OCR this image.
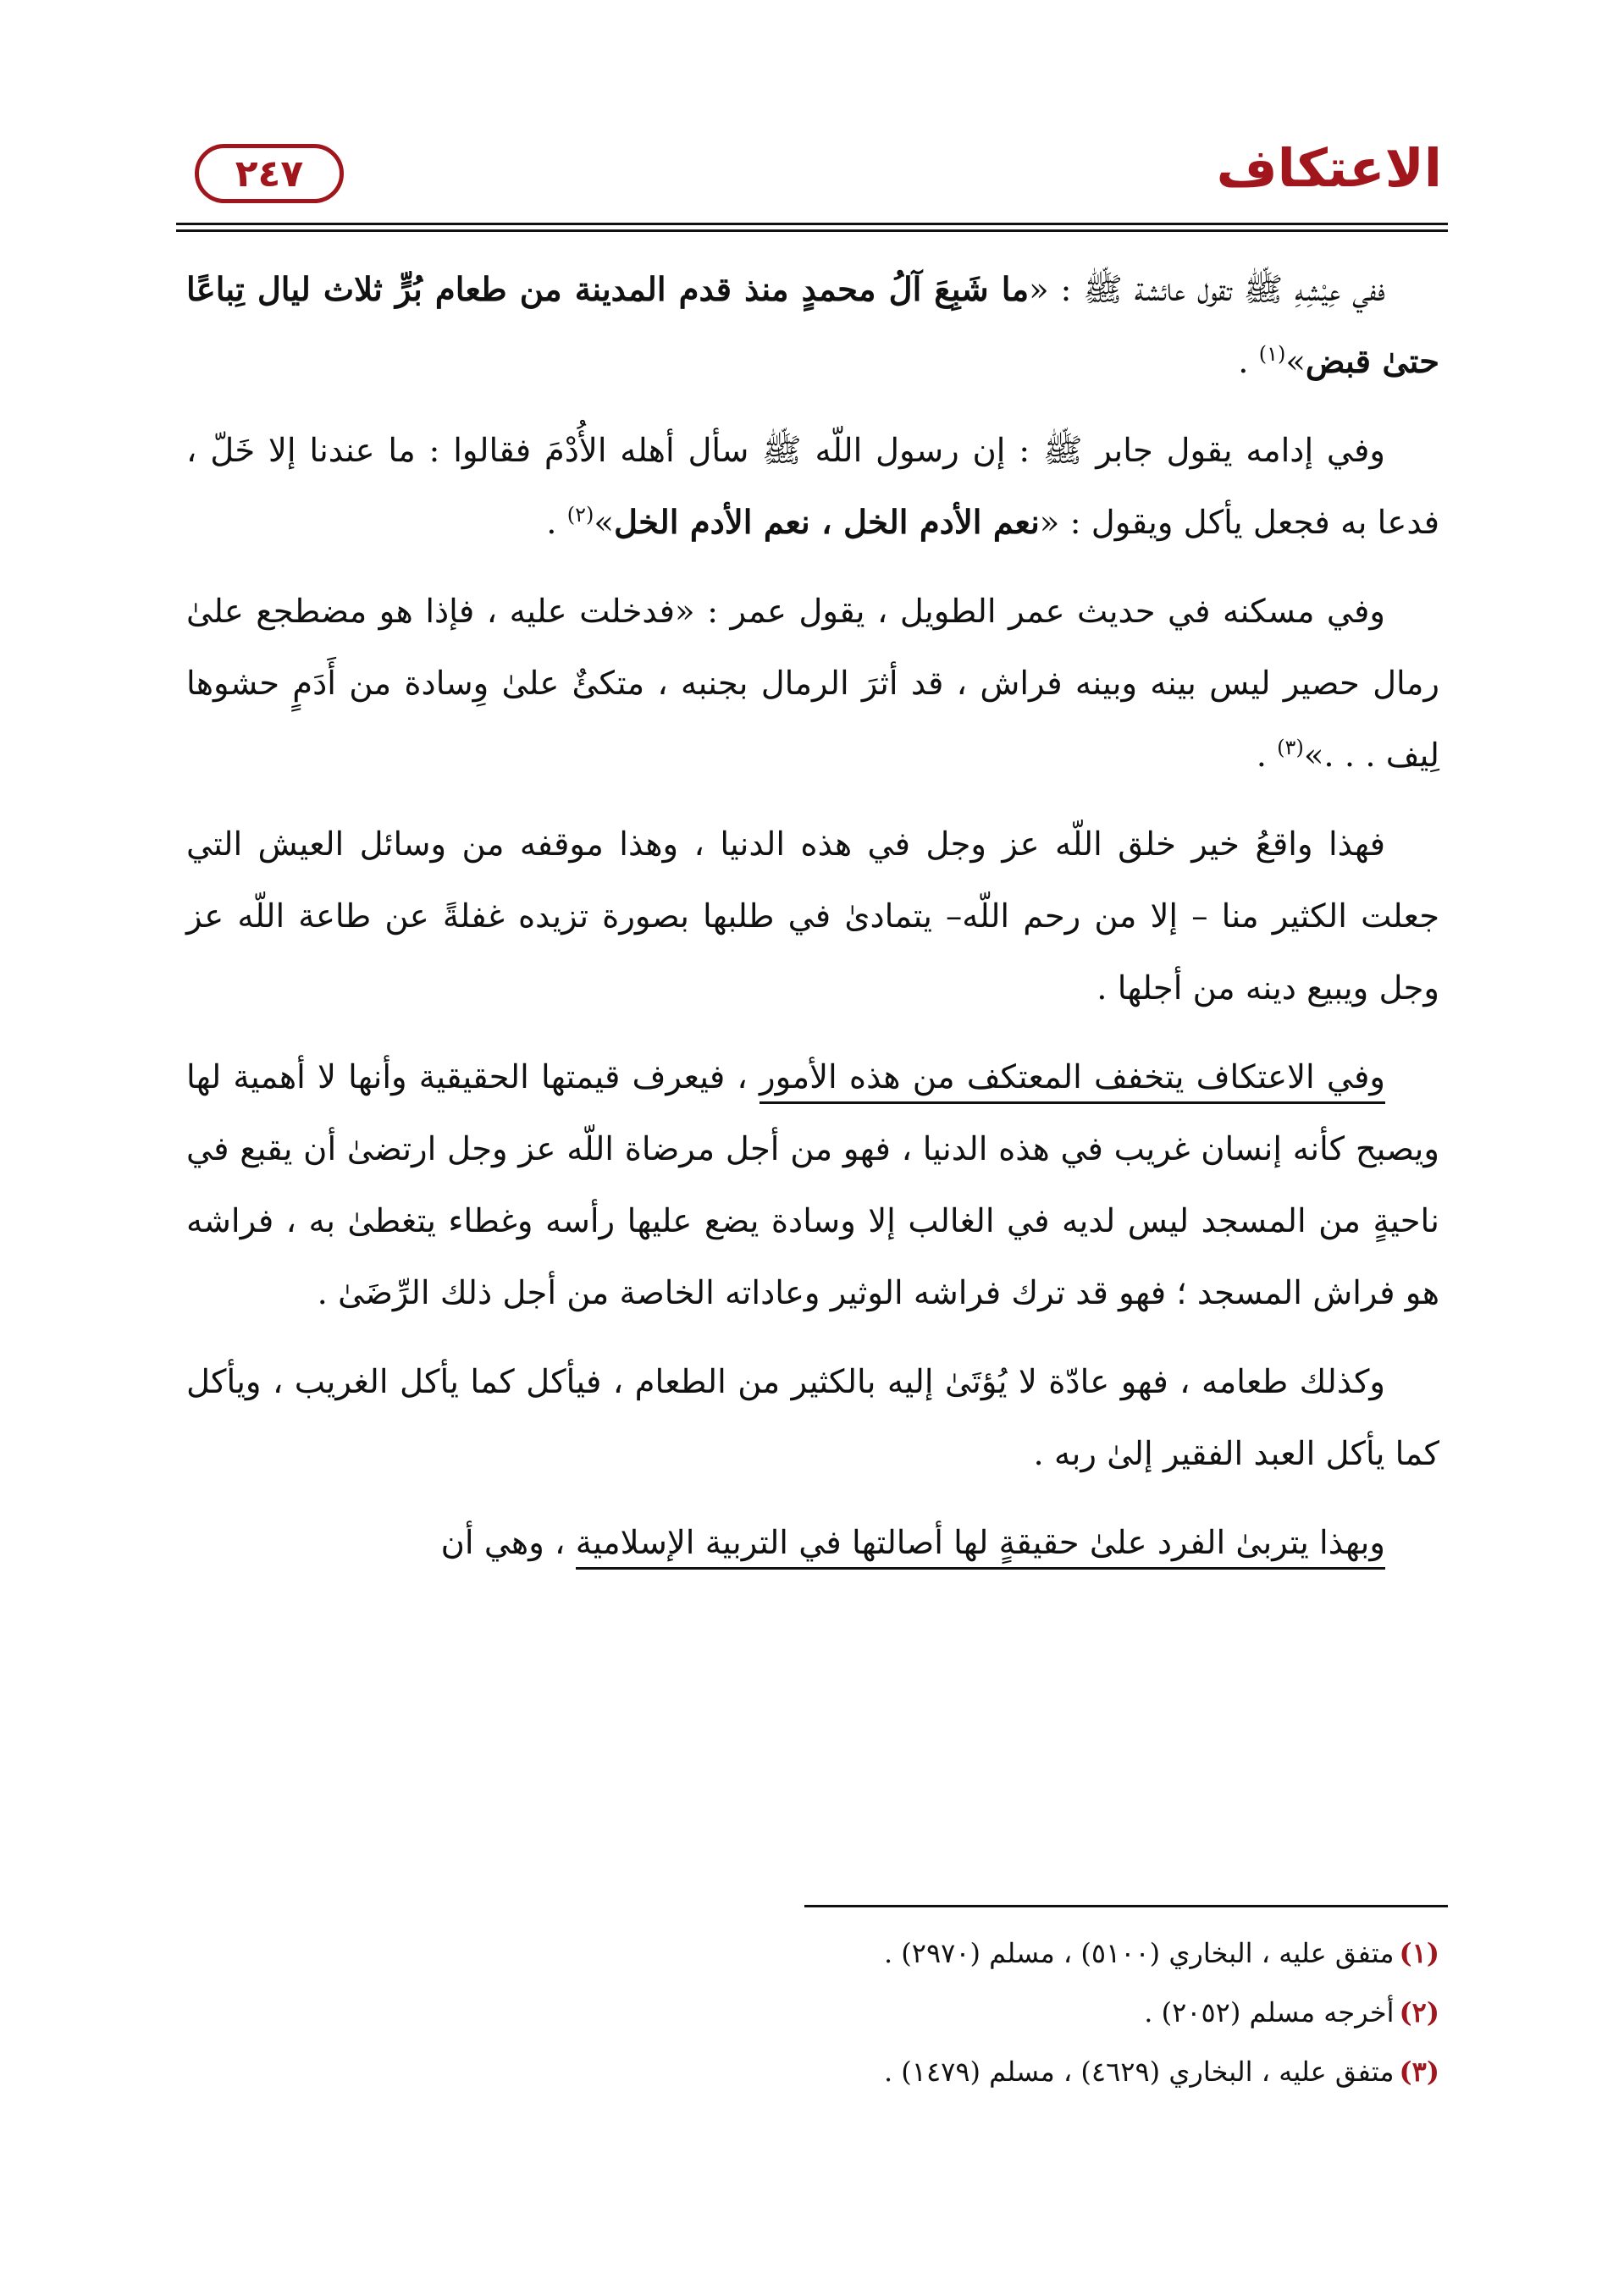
الاعتكاف
٢٤٧

ففي عِيْشِهِ ﷺ تقول عائشة ﷺ : «ما شَبِعَ آلُ محمدٍ منذ قدم المدينة من طعام بُرٍّ ثلاث ليال تِباعًا حتىٰ قبض»$^{(١)}$ .

وفي إدامه يقول جابر ﷺ : إن رسول اللّه ﷺ سأل أهله الأُدْمَ فقالوا : ما عندنا إلا خَلّ ، فدعا به فجعل يأكل ويقول : «نعم الأدم الخل ، نعم الأدم الخل»$^{(٢)}$ .

وفي مسكنه في حديث عمر الطويل ، يقول عمر : «فدخلت عليه ، فإذا هو مضطجع علىٰ رمال حصير ليس بينه وبينه فراش ، قد أثرَ الرمال بجنبه ، متكئٌ علىٰ وِسادة من أَدَمٍ حشوها لِيف . . .»$^{(٣)}$ .

فهذا واقعُ خير خلق اللّه عز وجل في هذه الدنيا ، وهذا موقفه من وسائل العيش التي جعلت الكثير منا – إلا من رحم اللّه– يتمادىٰ في طلبها بصورة تزيده غفلةً عن طاعة اللّه عز وجل ويبيع دينه من أجلها .

وفي الاعتكاف يتخفف المعتكف من هذه الأمور ، فيعرف قيمتها الحقيقية وأنها لا أهمية لها ويصبح كأنه إنسان غريب في هذه الدنيا ، فهو من أجل مرضاة اللّه عز وجل ارتضىٰ أن يقبع في ناحيةٍ من المسجد ليس لديه في الغالب إلا وسادة يضع عليها رأسه وغطاء يتغطىٰ به ، فراشه هو فراش المسجد ؛ فهو قد ترك فراشه الوثير وعاداته الخاصة من أجل ذلك الرِّضَىٰ .

وكذلك طعامه ، فهو عادّة لا يُؤتَىٰ إليه بالكثير من الطعام ، فيأكل كما يأكل الغريب ، ويأكل كما يأكل العبد الفقير إلىٰ ربه .

وبهذا يتربىٰ الفرد علىٰ حقيقةٍ لها أصالتها في التربية الإسلامية ، وهي أن

(١)متفق عليه ، البخاري (٥١٠٠) ، مسلم (٢٩٧٠) .
(٢)أخرجه مسلم (٢٠٥٢) .
(٣)متفق عليه ، البخاري (٤٦٢٩) ، مسلم (١٤٧٩) .
